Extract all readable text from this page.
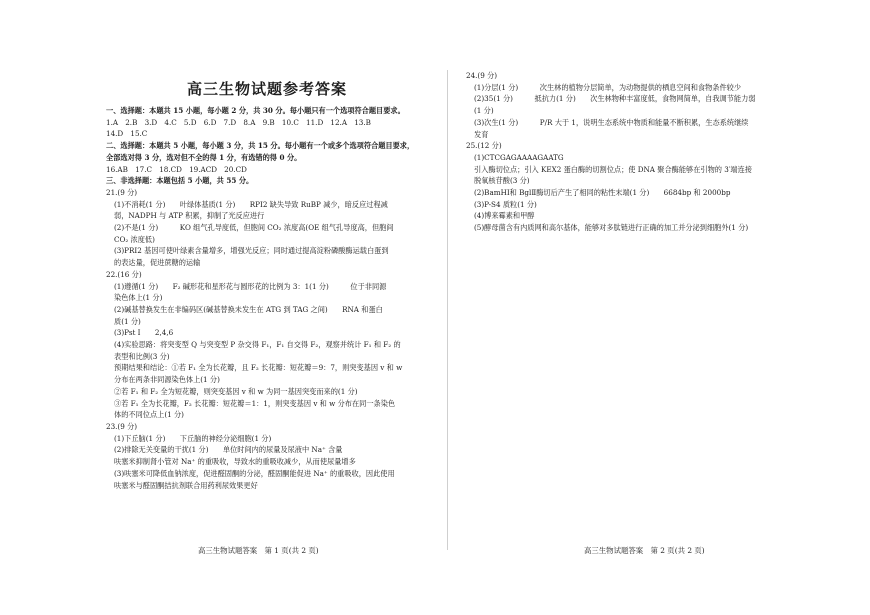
高三生物试题参考答案
一、选择题：本题共 15 小题，每小题 2 分，共 30 分。每小题只有一个选项符合题目要求。
1.A　2.B　3.D　4.C　5.D　6.D　7.D　8.A　9.B　10.C　11.D　12.A　13.B
14.D　15.C
二、选择题：本题共 5 小题，每小题 3 分，共 15 分。每小题有一个或多个选项符合题目要求，
全部选对得 3 分，选对但不全的得 1 分，有选错的得 0 分。
16.AB　17.C　18.CD　19.ACD　20.CD
三、非选择题：本题包括 5 小题，共 55 分。
21.(9 分)
(1)不消耗(1 分)　　叶绿体基质(1 分)　　RPI2 缺失导致 RuBP 减少，暗反应过程减
弱，NADPH 与 ATP 积累，抑制了光反应进行
(2)不是(1 分)　　　KO 组气孔导度低，但胞间 CO₂ 浓度高(OE 组气孔导度高，但胞间
CO₂ 浓度低)
(3)PRI2 基因可使叶绿素含量增多，增强光反应；同时通过提高淀粉磷酸酶运载白蛋到
的表达量，促进蔗糖的运输
22.(16 分)
(1)遵循(1 分)　　F₂ 碱形花和星形花与圆形花的比例为 3：1(1 分)　　　位于非同源
染色体上(1 分)
(2)碱基替换发生在非编码区(碱基替换未发生在 ATG 到 TAG 之间)　　RNA 和蛋白
质(1 分)
(3)Pst Ⅰ　　2,4,6
(4)实验思路：将突变型 Q 与突变型 P 杂交得 F₁，F₁ 自交得 F₂，观察并统计 F₁ 和 F₂ 的
表型和比例(3 分)
预期结果和结论：①若 F₁ 全为长花瓣，且 F₂ 长花瓣：短花瓣＝9：7，则突变基因 v 和 w
分布在两条非同源染色体上(1 分)
②若 F₁ 和 F₂ 全为短花瓣，则突变基因 v 和 w 为同一基因突变而来的(1 分)
③若 F₁ 全为长花瓣，F₂ 长花瓣：短花瓣＝1：1，则突变基因 v 和 w 分布在同一条染色
体的不同位点上(1 分)
23.(9 分)
(1)下丘脑(1 分)　　下丘脑的神经分泌细胞(1 分)
(2)排除无关变量的干扰(1 分)　　单位时间内的尿量及尿液中 Na⁺ 含量
呋塞米抑制肾小管对 Na⁺ 的重吸收，导致水的重吸收减少，从而使尿量增多
(3)呋塞米可降低血钠浓度，促进醛固酮的分泌，醛固酮能促进 Na⁺ 的重吸收，因此使用
呋塞米与醛固酮拮抗剂联合用药利尿效果更好
高三生物试题答案　第 1 页(共 2 页)
24.(9 分)
(1)分层(1 分)　　　次生林的植物分层简单，为动物提供的栖息空间和食物条件较少
(2)35(1 分)　　　抵抗力(1 分)　　次生林物种丰富度低，食物网简单，自我调节能力弱
(1 分)
(3)次生(1 分)　　　P/R 大于 1，说明生态系统中物质和能量不断积累，生态系统继续
发育
25.(12 分)
(1)CTCGAGAAAAGAATG
引入酶切位点；引入 KEX2 蛋白酶的切割位点；使 DNA 聚合酶能够在引物的 3′端连接
脱氧核苷酸(3 分)
(2)BamHⅠ和 BglⅡ酶切后产生了相同的粘性末端(1 分)　　6684bp 和 2000bp
(3)P-S4 质粒(1 分)
(4)博来霉素和甲醇
(5)酵母菌含有内质网和高尔基体，能够对多肽链进行正确的加工并分泌到细胞外(1 分)
高三生物试题答案　第 2 页(共 2 页)
